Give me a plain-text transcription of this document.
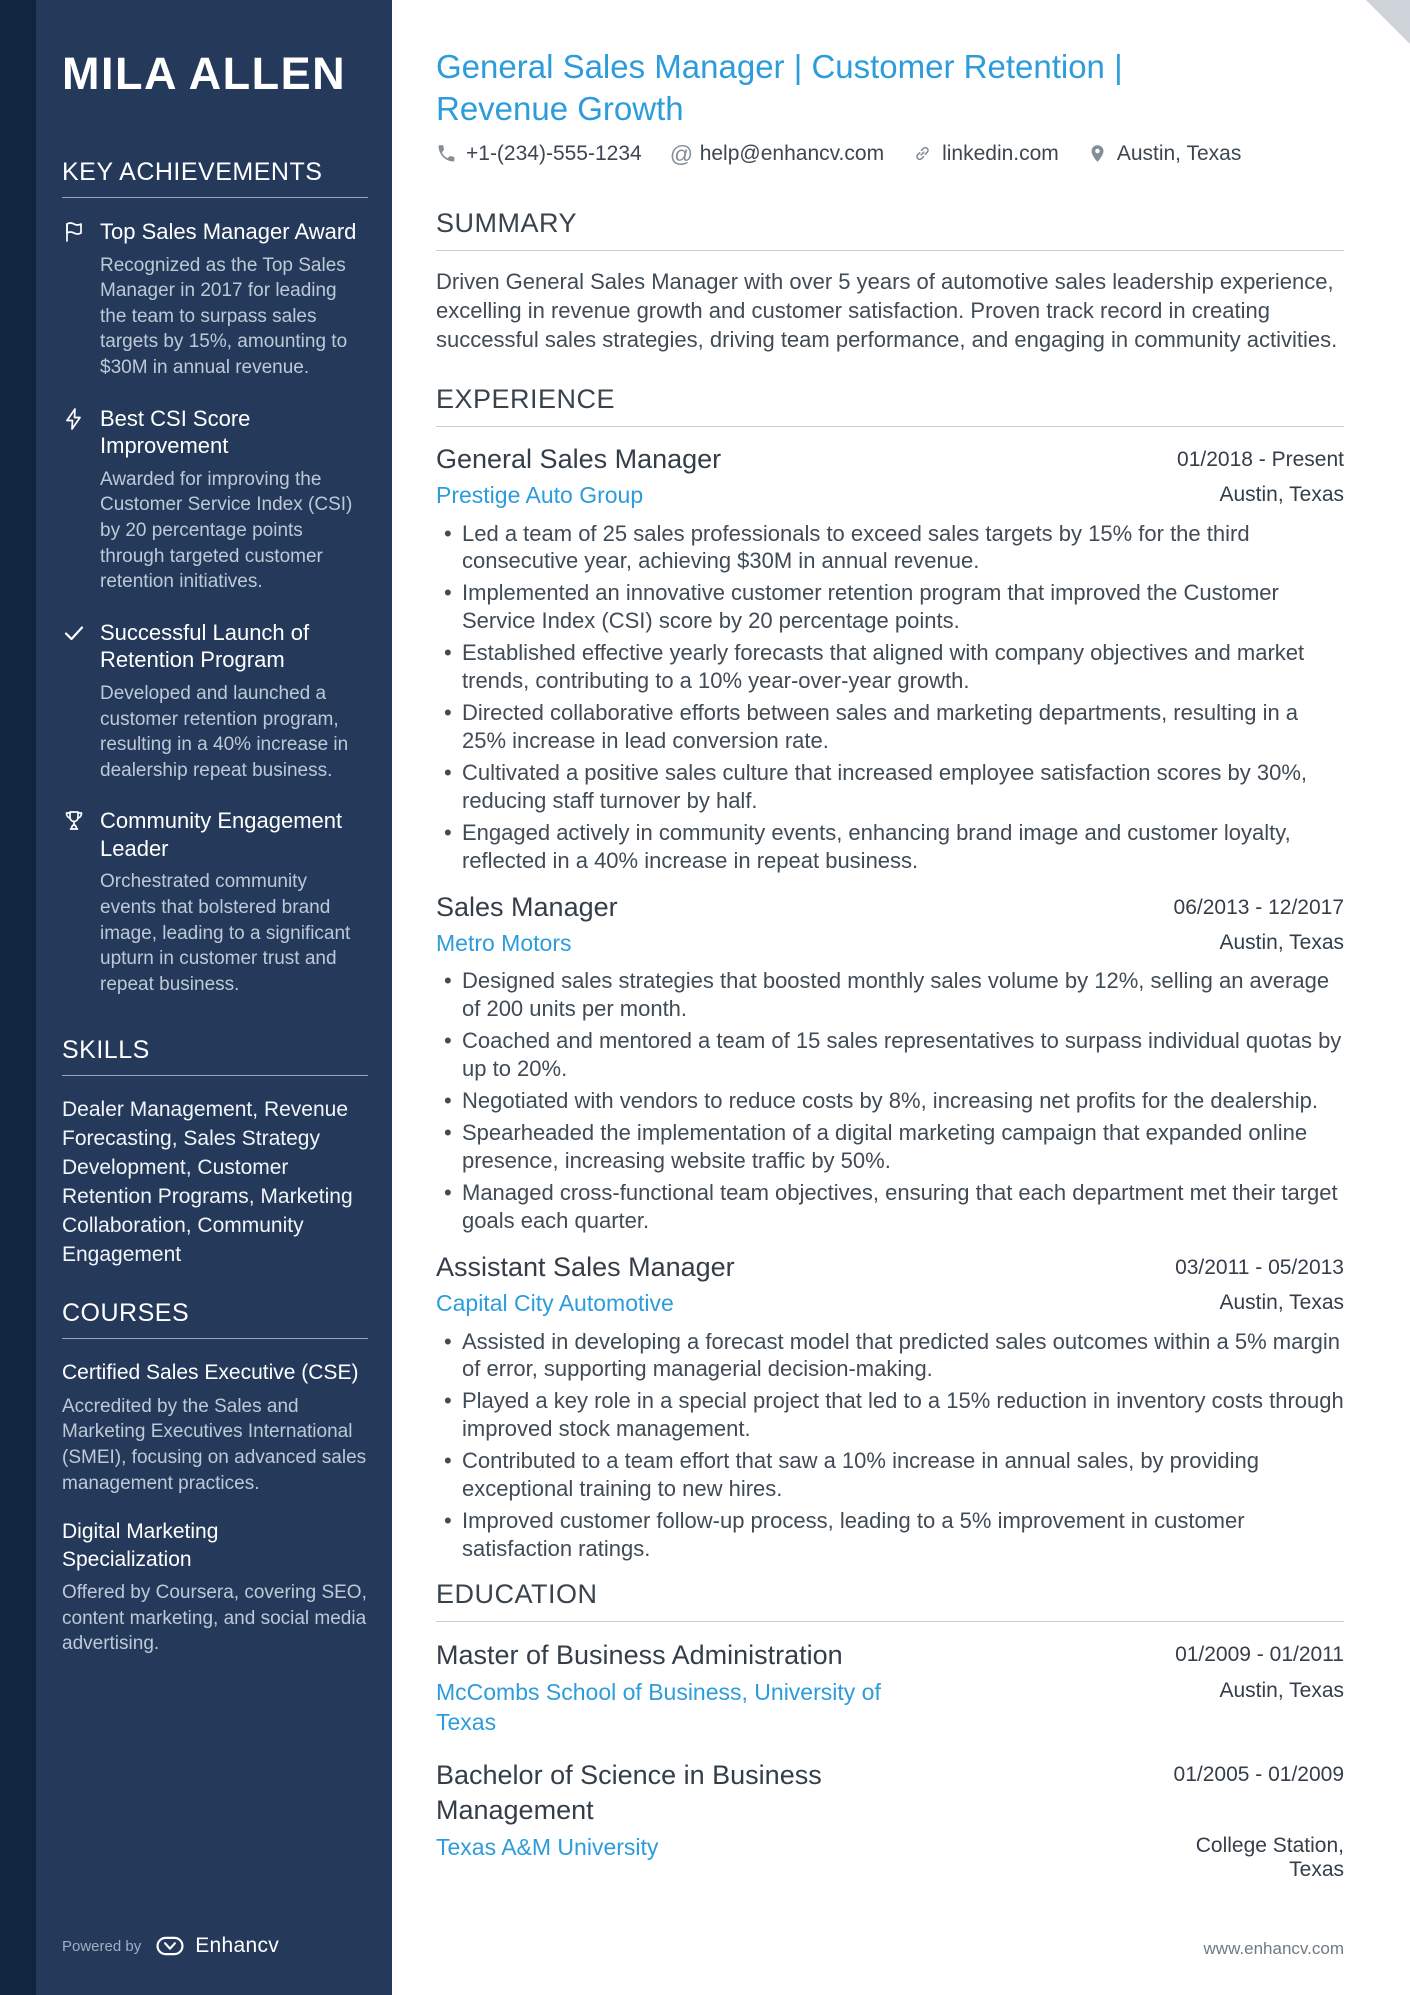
MILA ALLEN
KEY ACHIEVEMENTS
Top Sales Manager Award
Recognized as the Top Sales Manager in 2017 for leading the team to surpass sales targets by 15%, amounting to $30M in annual revenue.
Best CSI Score Improvement
Awarded for improving the Customer Service Index (CSI) by 20 percentage points through targeted customer retention initiatives.
Successful Launch of Retention Program
Developed and launched a customer retention program, resulting in a 40% increase in dealership repeat business.
Community Engagement Leader
Orchestrated community events that bolstered brand image, leading to a significant upturn in customer trust and repeat business.
SKILLS

Dealer Management, Revenue Forecasting, Sales Strategy Development, Customer Retention Programs, Marketing Collaboration, Community Engagement

COURSES
Certified Sales Executive (CSE)
Accredited by the Sales and Marketing Executives International (SMEI), focusing on advanced sales management practices.
Digital Marketing Specialization
Offered by Coursera, covering SEO, content marketing, and social media advertising.
Powered by	Enhancv
General Sales Manager | Customer Retention | Revenue Growth
+1-(234)-555-1234 @ help@enhancv.com	linkedin.com	Austin, Texas
SUMMARY

Driven General Sales Manager with over 5 years of automotive sales leadership experience, excelling in revenue growth and customer satisfaction. Proven track record in creating successful sales strategies, driving team performance, and engaging in community activities.

EXPERIENCE
General Sales Manager	01/2018 - Present
Prestige Auto Group	Austin, Texas
• Led a team of 25 sales professionals to exceed sales targets by 15% for the third consecutive year, achieving $30M in annual revenue.
• Implemented an innovative customer retention program that improved the Customer Service Index (CSI) score by 20 percentage points.
• Established effective yearly forecasts that aligned with company objectives and market trends, contributing to a 10% year-over-year growth.
• Directed collaborative efforts between sales and marketing departments, resulting in a 25% increase in lead conversion rate.
• Cultivated a positive sales culture that increased employee satisfaction scores by 30%, reducing staff turnover by half.
• Engaged actively in community events, enhancing brand image and customer loyalty, reflected in a 40% increase in repeat business.
Sales Manager	06/2013 - 12/2017
Metro Motors	Austin, Texas
• Designed sales strategies that boosted monthly sales volume by 12%, selling an average of 200 units per month.
• Coached and mentored a team of 15 sales representatives to surpass individual quotas by up to 20%.
• Negotiated with vendors to reduce costs by 8%, increasing net profits for the dealership.
• Spearheaded the implementation of a digital marketing campaign that expanded online presence, increasing website traffic by 50%.
• Managed cross-functional team objectives, ensuring that each department met their target goals each quarter.
Assistant Sales Manager	03/2011 - 05/2013
Capital City Automotive	Austin, Texas
• Assisted in developing a forecast model that predicted sales outcomes within a 5% margin of error, supporting managerial decision-making.
• Played a key role in a special project that led to a 15% reduction in inventory costs through improved stock management.
• Contributed to a team effort that saw a 10% increase in annual sales, by providing exceptional training to new hires.
• Improved customer follow-up process, leading to a 5% improvement in customer satisfaction ratings.
EDUCATION
Master of Business Administration	01/2009 - 01/2011
McCombs School of Business, University of Texas
Austin, Texas
Bachelor of Science in Business Management
01/2005 - 01/2009
Texas A&M University	College Station, Texas
www.enhancv.com
